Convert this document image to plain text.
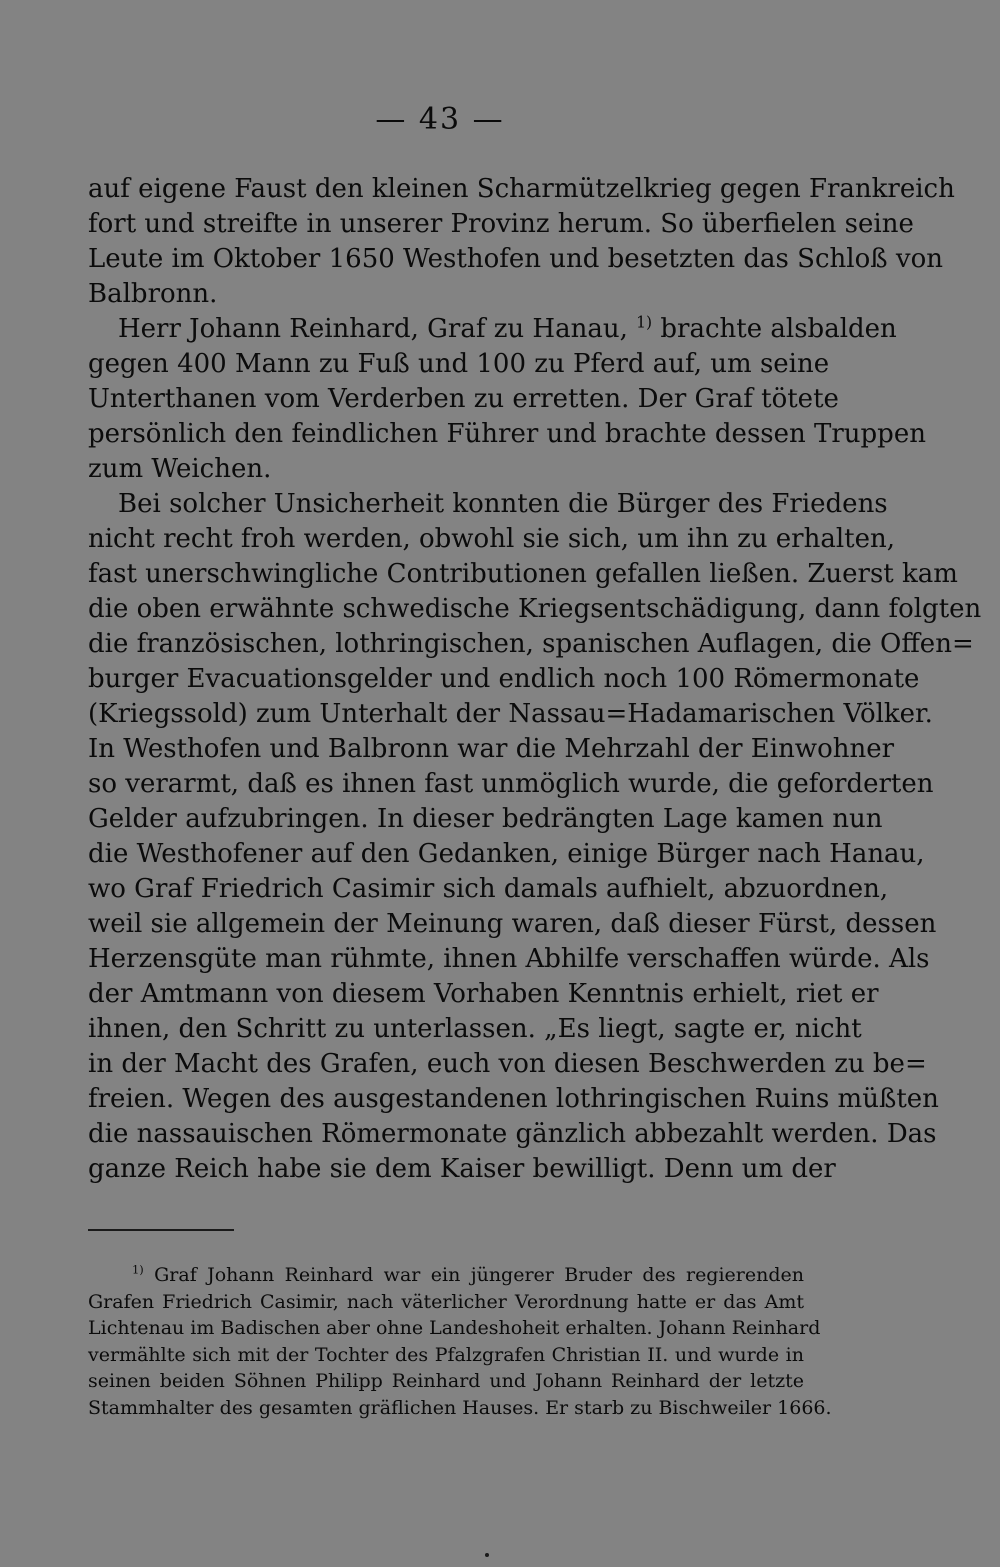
— 43 —
auf eigene Faust den kleinen Scharmützelkrieg gegen Frankreich
fort und streifte in unserer Provinz herum. So überfielen seine
Leute im Oktober 1650 Westhofen und besetzten das Schloß von
Balbronn.
Herr Johann Reinhard, Graf zu Hanau, $^{1)}$ brachte alsbalden
gegen 400 Mann zu Fuß und 100 zu Pferd auf, um seine
Unterthanen vom Verderben zu erretten. Der Graf tötete
persönlich den feindlichen Führer und brachte dessen Truppen
zum Weichen.
Bei solcher Unsicherheit konnten die Bürger des Friedens
nicht recht froh werden, obwohl sie sich, um ihn zu erhalten,
fast unerschwingliche Contributionen gefallen ließen. Zuerst kam
die oben erwähnte schwedische Kriegsentschädigung, dann folgten
die französischen, lothringischen, spanischen Auflagen, die Offen=
burger Evacuationsgelder und endlich noch 100 Römermonate
(Kriegssold) zum Unterhalt der Nassau=Hadamarischen Völker.
In Westhofen und Balbronn war die Mehrzahl der Einwohner
so verarmt, daß es ihnen fast unmöglich wurde, die geforderten
Gelder aufzubringen. In dieser bedrängten Lage kamen nun
die Westhofener auf den Gedanken, einige Bürger nach Hanau,
wo Graf Friedrich Casimir sich damals aufhielt, abzuordnen,
weil sie allgemein der Meinung waren, daß dieser Fürst, dessen
Herzensgüte man rühmte, ihnen Abhilfe verschaffen würde. Als
der Amtmann von diesem Vorhaben Kenntnis erhielt, riet er
ihnen, den Schritt zu unterlassen. „Es liegt, sagte er, nicht
in der Macht des Grafen, euch von diesen Beschwerden zu be=
freien. Wegen des ausgestandenen lothringischen Ruins müßten
die nassauischen Römermonate gänzlich abbezahlt werden. Das
ganze Reich habe sie dem Kaiser bewilligt. Denn um der
$^{1)}$ Graf Johann Reinhard war ein jüngerer Bruder des regierenden
Grafen Friedrich Casimir, nach väterlicher Verordnung hatte er das Amt
Lichtenau im Badischen aber ohne Landeshoheit erhalten. Johann Reinhard
vermählte sich mit der Tochter des Pfalzgrafen Christian II. und wurde in
seinen beiden Söhnen Philipp Reinhard und Johann Reinhard der letzte
Stammhalter des gesamten gräflichen Hauses. Er starb zu Bischweiler 1666.
